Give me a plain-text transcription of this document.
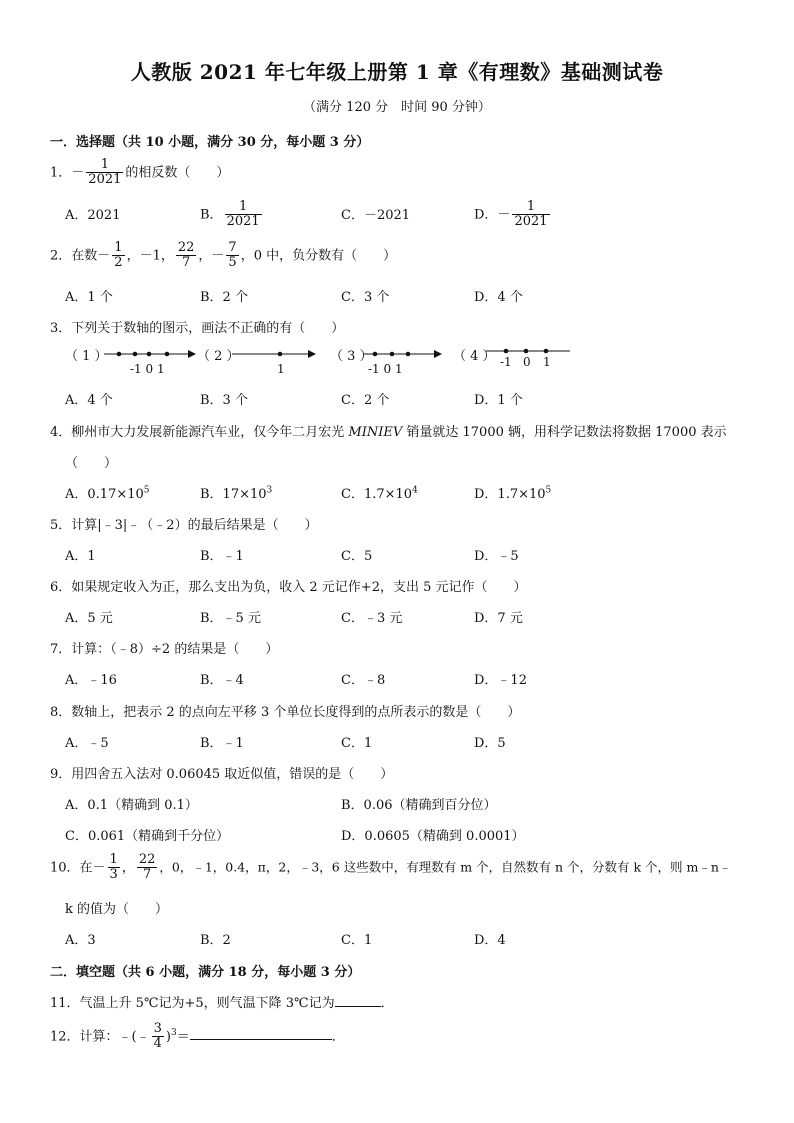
人教版 2021 年七年级上册第 1 章《有理数》基础测试卷
（满分 120 分　时间 90 分钟）
一．选择题（共 10 小题，满分 30 分，每小题 3 分）
1．－ $\frac{1}{2021}$ 的相反数（　　）
A．2021	B． $\frac{1}{2021}$	C．－2021	D．－ $\frac{1}{2021}$
2．在数－ $\frac{1}{2}$ ，－1， $\frac{22}{7}$ ，－ $\frac{7}{5}$ ，0 中，负分数有（　　）
A．1 个	B．2 个	C．3 个	D．4 个
3．下列关于数轴的图示，画法不正确的有（　　）
（ 1 ）
-1 0 1
（ 2 ）
1
（ 3 ）
-1 0 1
（ 4 ） -1 0 1
A．4 个	B．3 个	C．2 个	D．1 个
4．柳州市大力发展新能源汽车业，仅今年二月宏光 MINIEV 销量就达 17000 辆，用科学记数法将数据 17000 表示
（　　）
A．$0.17\times 10^5$	B．$17\times 10^3$	C．$1.7\times 10^4$	D．$1.7\times 10^5$
5．计算|﹣3|﹣（﹣2）的最后结果是（　　）
A．1	B．﹣1	C．5	D．﹣5
6．如果规定收入为正，那么支出为负，收入 2 元记作+2，支出 5 元记作（　　）
A．5 元	B．﹣5 元	C．﹣3 元	D．7 元
7．计算：（﹣8）÷2 的结果是（　　）
A．﹣16	B．﹣4	C．﹣8	D．﹣12
8．数轴上，把表示 2 的点向左平移 3 个单位长度得到的点所表示的数是（　　）
A．﹣5	B．﹣1	C．1	D．5
9．用四舍五入法对 0.06045 取近似值，错误的是（　　）
A．0.1（精确到 0.1）	B．0.06（精确到百分位）
C．0.061（精确到千分位）	D．0.0605（精确到 0.0001）
10．在－ $\frac{1}{3}$ ， $\frac{22}{7}$ ，0，﹣1，0.4，π，2，﹣3，6 这些数中，有理数有 m 个，自然数有 n 个，分数有 k 个，则 m﹣n﹣
k 的值为（　　）
A．3	B．2	C．1	D．4
二．填空题（共 6 小题，满分 18 分，每小题 3 分）
11．气温上升 5℃记为+5，则气温下降 3℃记为	．
12．计算：﹣(﹣ $\frac{3}{4} )^3=$	．
